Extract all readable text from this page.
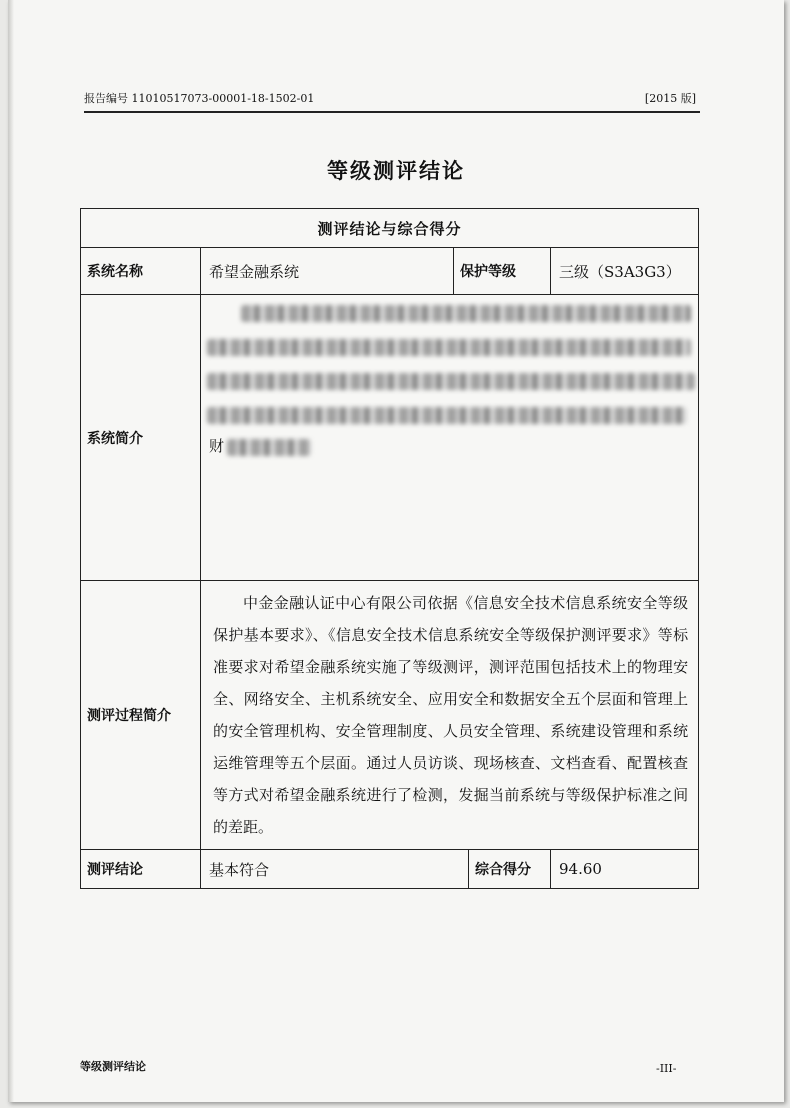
报告编号 11010517073-00001-18-1502-01	[2015 版]
等级测评结论
测评结论与综合得分				
系统名称	希望金融系统	保护等级		三级（S3A3G3）
系统简介	财			

测评过程简介	中金金融认证中心有限公司依据《信息安全技术信息系统安全等级保护基本要求》、《信息安全技术信息系统安全等级保护测评要求》等标准要求对希望金融系统实施了等级测评，测评范围包括技术上的物理安全、网络安全、主机系统安全、应用安全和数据安全五个层面和管理上的安全管理机构、安全管理制度、人员安全管理、系统建设管理和系统运维管理等五个层面。通过人员访谈、现场核查、文档查看、配置核查等方式对希望金融系统进行了检测，发掘当前系统与等级保护标准之间的差距。			

测评结论	基本符合		综合得分	94.60
等级测评结论	-III-
